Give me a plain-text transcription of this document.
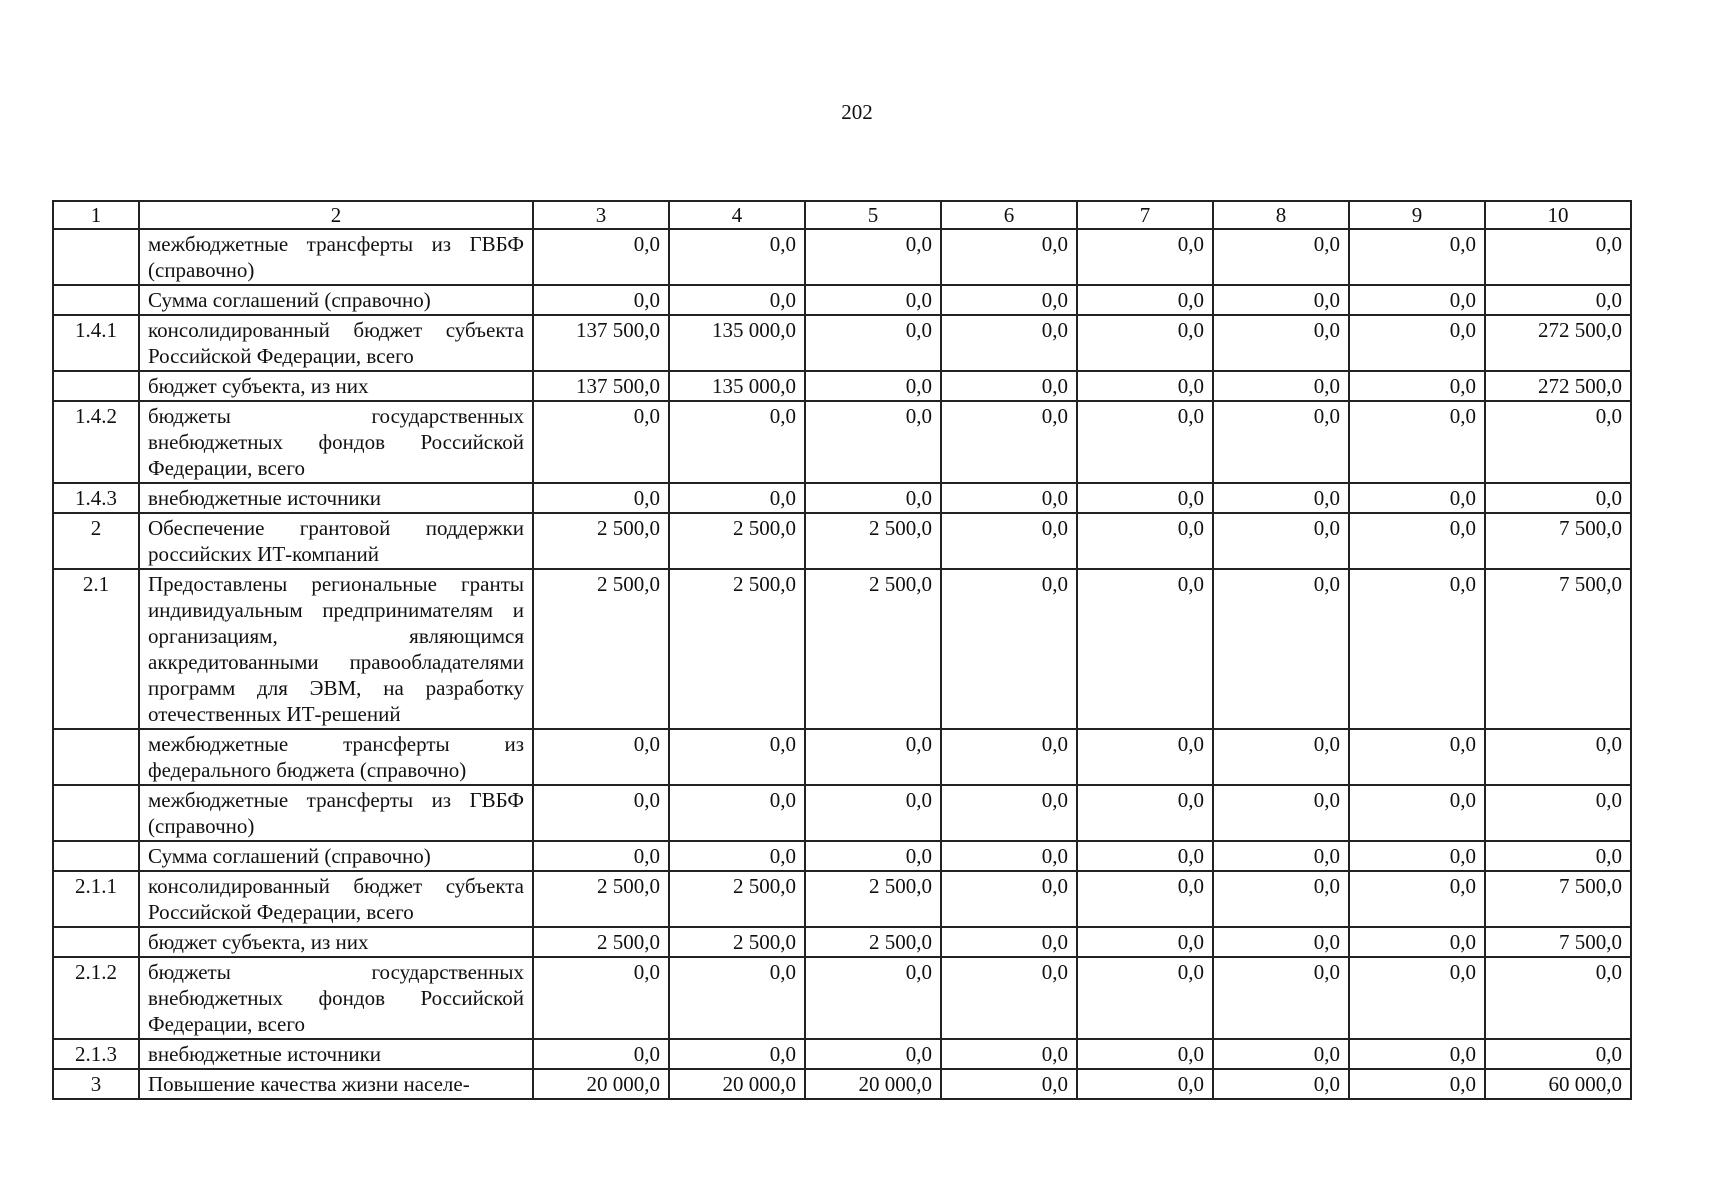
202
1	2	3	4	5	6	7	8	9	10
	межбюджетные трансферты из ГВБФ (справочно)	0,0	0,0	0,0	0,0	0,0	0,0	0,0	0,0
	Сумма соглашений (справочно)	0,0	0,0	0,0	0,0	0,0	0,0	0,0	0,0
1.4.1	консолидированный бюджет субъекта Российской Федерации, всего	137 500,0	135 000,0	0,0	0,0	0,0	0,0	0,0	272 500,0
	бюджет субъекта, из них	137 500,0	135 000,0	0,0	0,0	0,0	0,0	0,0	272 500,0
1.4.2	бюджеты государственных внебюджетных фондов Российской Федерации, всего	0,0	0,0	0,0	0,0	0,0	0,0	0,0	0,0
1.4.3	внебюджетные источники	0,0	0,0	0,0	0,0	0,0	0,0	0,0	0,0
2	Обеспечение грантовой поддержки российских ИТ-компаний	2 500,0	2 500,0	2 500,0	0,0	0,0	0,0	0,0	7 500,0
2.1	Предоставлены региональные гранты индивидуальным предпринимателям и организациям, являющимся аккредитованными правообладателями программ для ЭВМ, на разработку отечественных ИТ-решений	2 500,0	2 500,0	2 500,0	0,0	0,0	0,0	0,0	7 500,0
	межбюджетные трансферты из федерального бюджета (справочно)	0,0	0,0	0,0	0,0	0,0	0,0	0,0	0,0
	межбюджетные трансферты из ГВБФ (справочно)	0,0	0,0	0,0	0,0	0,0	0,0	0,0	0,0
	Сумма соглашений (справочно)	0,0	0,0	0,0	0,0	0,0	0,0	0,0	0,0
2.1.1	консолидированный бюджет субъекта Российской Федерации, всего	2 500,0	2 500,0	2 500,0	0,0	0,0	0,0	0,0	7 500,0
	бюджет субъекта, из них	2 500,0	2 500,0	2 500,0	0,0	0,0	0,0	0,0	7 500,0
2.1.2	бюджеты государственных внебюджетных фондов Российской Федерации, всего	0,0	0,0	0,0	0,0	0,0	0,0	0,0	0,0
2.1.3	внебюджетные источники	0,0	0,0	0,0	0,0	0,0	0,0	0,0	0,0
3	Повышение качества жизни населе-	20 000,0	20 000,0	20 000,0	0,0	0,0	0,0	0,0	60 000,0
